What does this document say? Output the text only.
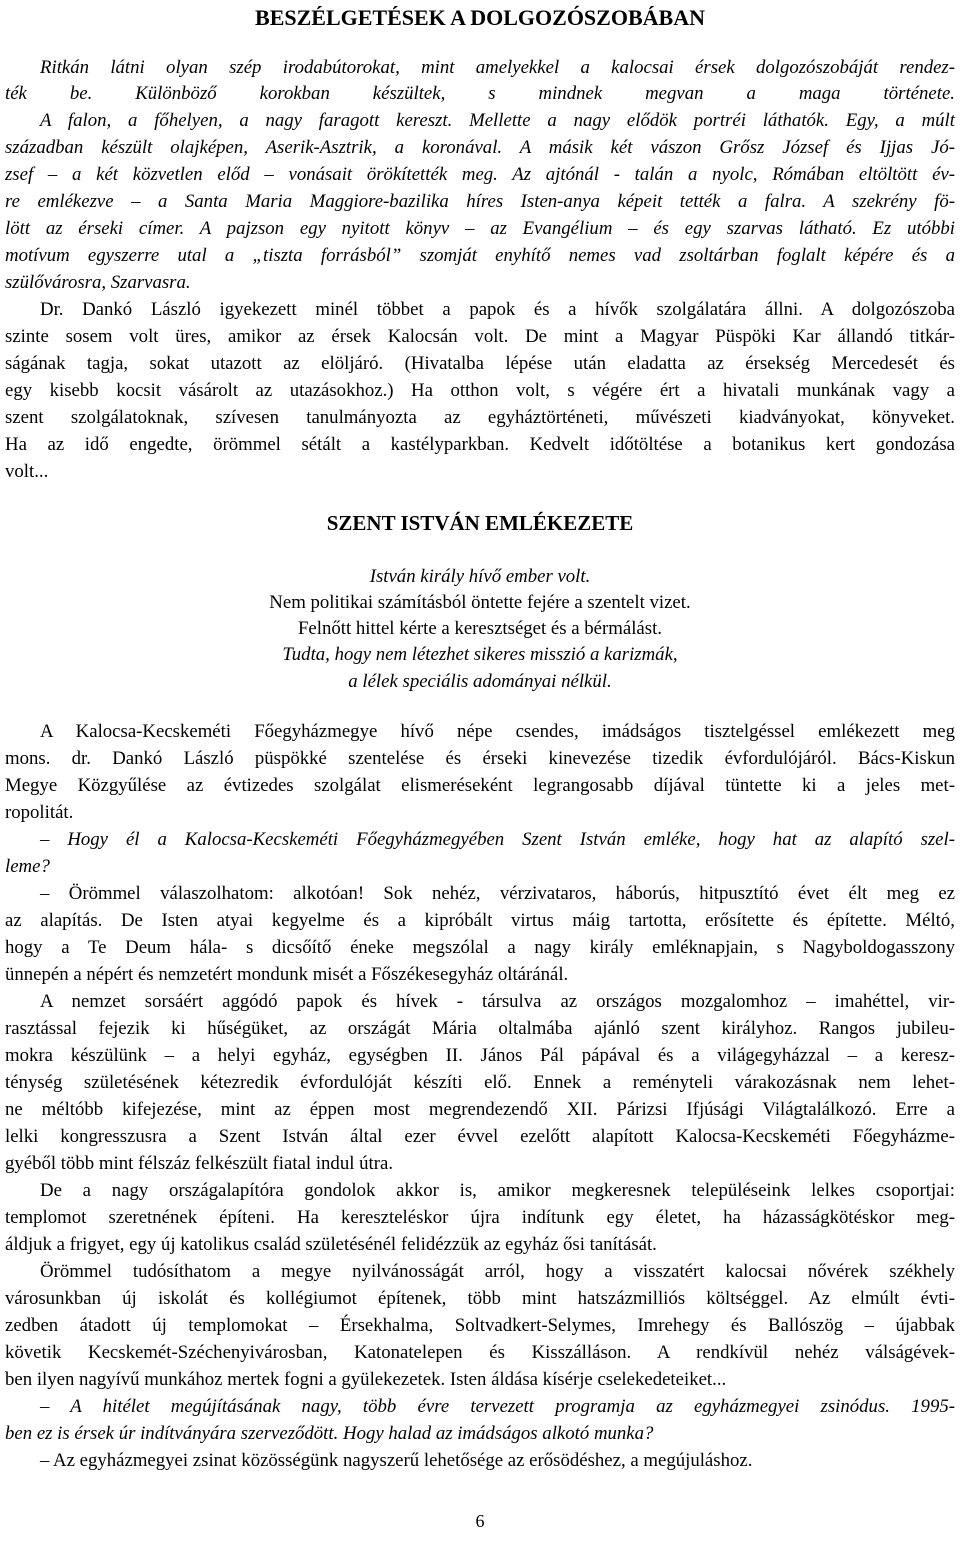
BESZÉLGETÉSEK A DOLGOZÓSZOBÁBAN
Ritkán látni olyan szép irodabútorokat, mint amelyekkel a kalocsai érsek dolgozószobáját rendez-
ték be. Különböző korokban készültek, s mindnek megvan a maga története.
A falon, a főhelyen, a nagy faragott kereszt. Mellette a nagy elődök portréi láthatók. Egy, a múlt
században készült olajképen, Aserik-Asztrik, a koronával. A másik két vászon Grősz József és Ijjas Jó-
zsef – a két közvetlen előd – vonásait örökítették meg. Az ajtónál - talán a nyolc, Rómában eltöltött év-
re emlékezve – a Santa Maria Maggiore-bazilika híres Isten-anya képeit tették a falra. A szekrény fö-
lött az érseki címer. A pajzson egy nyitott könyv – az Evangélium – és egy szarvas látható. Ez utóbbi
motívum egyszerre utal a „tiszta forrásból” szomját enyhítő nemes vad zsoltárban foglalt képére és a
szülővárosra, Szarvasra.
Dr. Dankó László igyekezett minél többet a papok és a hívők szolgálatára állni. A dolgozószoba
szinte sosem volt üres, amikor az érsek Kalocsán volt. De mint a Magyar Püspöki Kar állandó titkár-
ságának tagja, sokat utazott az elöljáró. (Hivatalba lépése után eladatta az érsekség Mercedesét és
egy kisebb kocsit vásárolt az utazásokhoz.) Ha otthon volt, s végére ért a hivatali munkának vagy a
szent szolgálatoknak, szívesen tanulmányozta az egyháztörténeti, művészeti kiadványokat, könyveket.
Ha az idő engedte, örömmel sétált a kastélyparkban. Kedvelt időtöltése a botanikus kert gondozása
volt...
SZENT ISTVÁN EMLÉKEZETE
István király hívő ember volt.
Nem politikai számításból öntette fejére a szentelt vizet.
Felnőtt hittel kérte a keresztséget és a bérmálást.
Tudta, hogy nem létezhet sikeres misszió a karizmák,
a lélek speciális adományai nélkül.
A Kalocsa-Kecskeméti Főegyházmegye hívő népe csendes, imádságos tisztelgéssel emlékezett meg
mons. dr. Dankó László püspökké szentelése és érseki kinevezése tizedik évfordulójáról. Bács-Kiskun
Megye Közgyűlése az évtizedes szolgálat elismeréseként legrangosabb díjával tüntette ki a jeles met-
ropolitát.
– Hogy él a Kalocsa-Kecskeméti Főegyházmegyében Szent István emléke, hogy hat az alapító szel-
leme?
– Örömmel válaszolhatom: alkotóan! Sok nehéz, vérzivataros, háborús, hitpusztító évet élt meg ez
az alapítás. De Isten atyai kegyelme és a kipróbált virtus máig tartotta, erősítette és építette. Méltó,
hogy a Te Deum hála- s dicsőítő éneke megszólal a nagy király emléknapjain, s Nagyboldogasszony
ünnepén a népért és nemzetért mondunk misét a Főszékesegyház oltáránál.
A nemzet sorsáért aggódó papok és hívek - társulva az országos mozgalomhoz – imahéttel, vir-
rasztással fejezik ki hűségüket, az országát Mária oltalmába ajánló szent királyhoz. Rangos jubileu-
mokra készülünk – a helyi egyház, egységben II. János Pál pápával és a világegyházzal – a keresz-
ténység születésének kétezredik évfordulóját készíti elő. Ennek a reményteli várakozásnak nem lehet-
ne méltóbb kifejezése, mint az éppen most megrendezendő XII. Párizsi Ifjúsági Világtalálkozó. Erre a
lelki kongresszusra a Szent István által ezer évvel ezelőtt alapított Kalocsa-Kecskeméti Főegyházme-
gyéből több mint félszáz felkészült fiatal indul útra.
De a nagy országalapítóra gondolok akkor is, amikor megkeresnek településeink lelkes csoportjai:
templomot szeretnének építeni. Ha kereszteléskor újra indítunk egy életet, ha házasságkötéskor meg-
áldjuk a frigyet, egy új katolikus család születésénél felidézzük az egyház ősi tanítását.
Örömmel tudósíthatom a megye nyilvánosságát arról, hogy a visszatért kalocsai nővérek székhely
városunkban új iskolát és kollégiumot építenek, több mint hatszázmilliós költséggel. Az elmúlt évti-
zedben átadott új templomokat – Érsekhalma, Soltvadkert-Selymes, Imrehegy és Ballószög – újabbak
követik Kecskemét-Széchenyivárosban, Katonatelepen és Kisszálláson. A rendkívül nehéz válságévek-
ben ilyen nagyívű munkához mertek fogni a gyülekezetek. Isten áldása kísérje cselekedeteiket...
– A hitélet megújításának nagy, több évre tervezett programja az egyházmegyei zsinódus. 1995-
ben ez is érsek úr indítványára szerveződött. Hogy halad az imádságos alkotó munka?
– Az egyházmegyei zsinat közösségünk nagyszerű lehetősége az erősödéshez, a megújuláshoz.
6
